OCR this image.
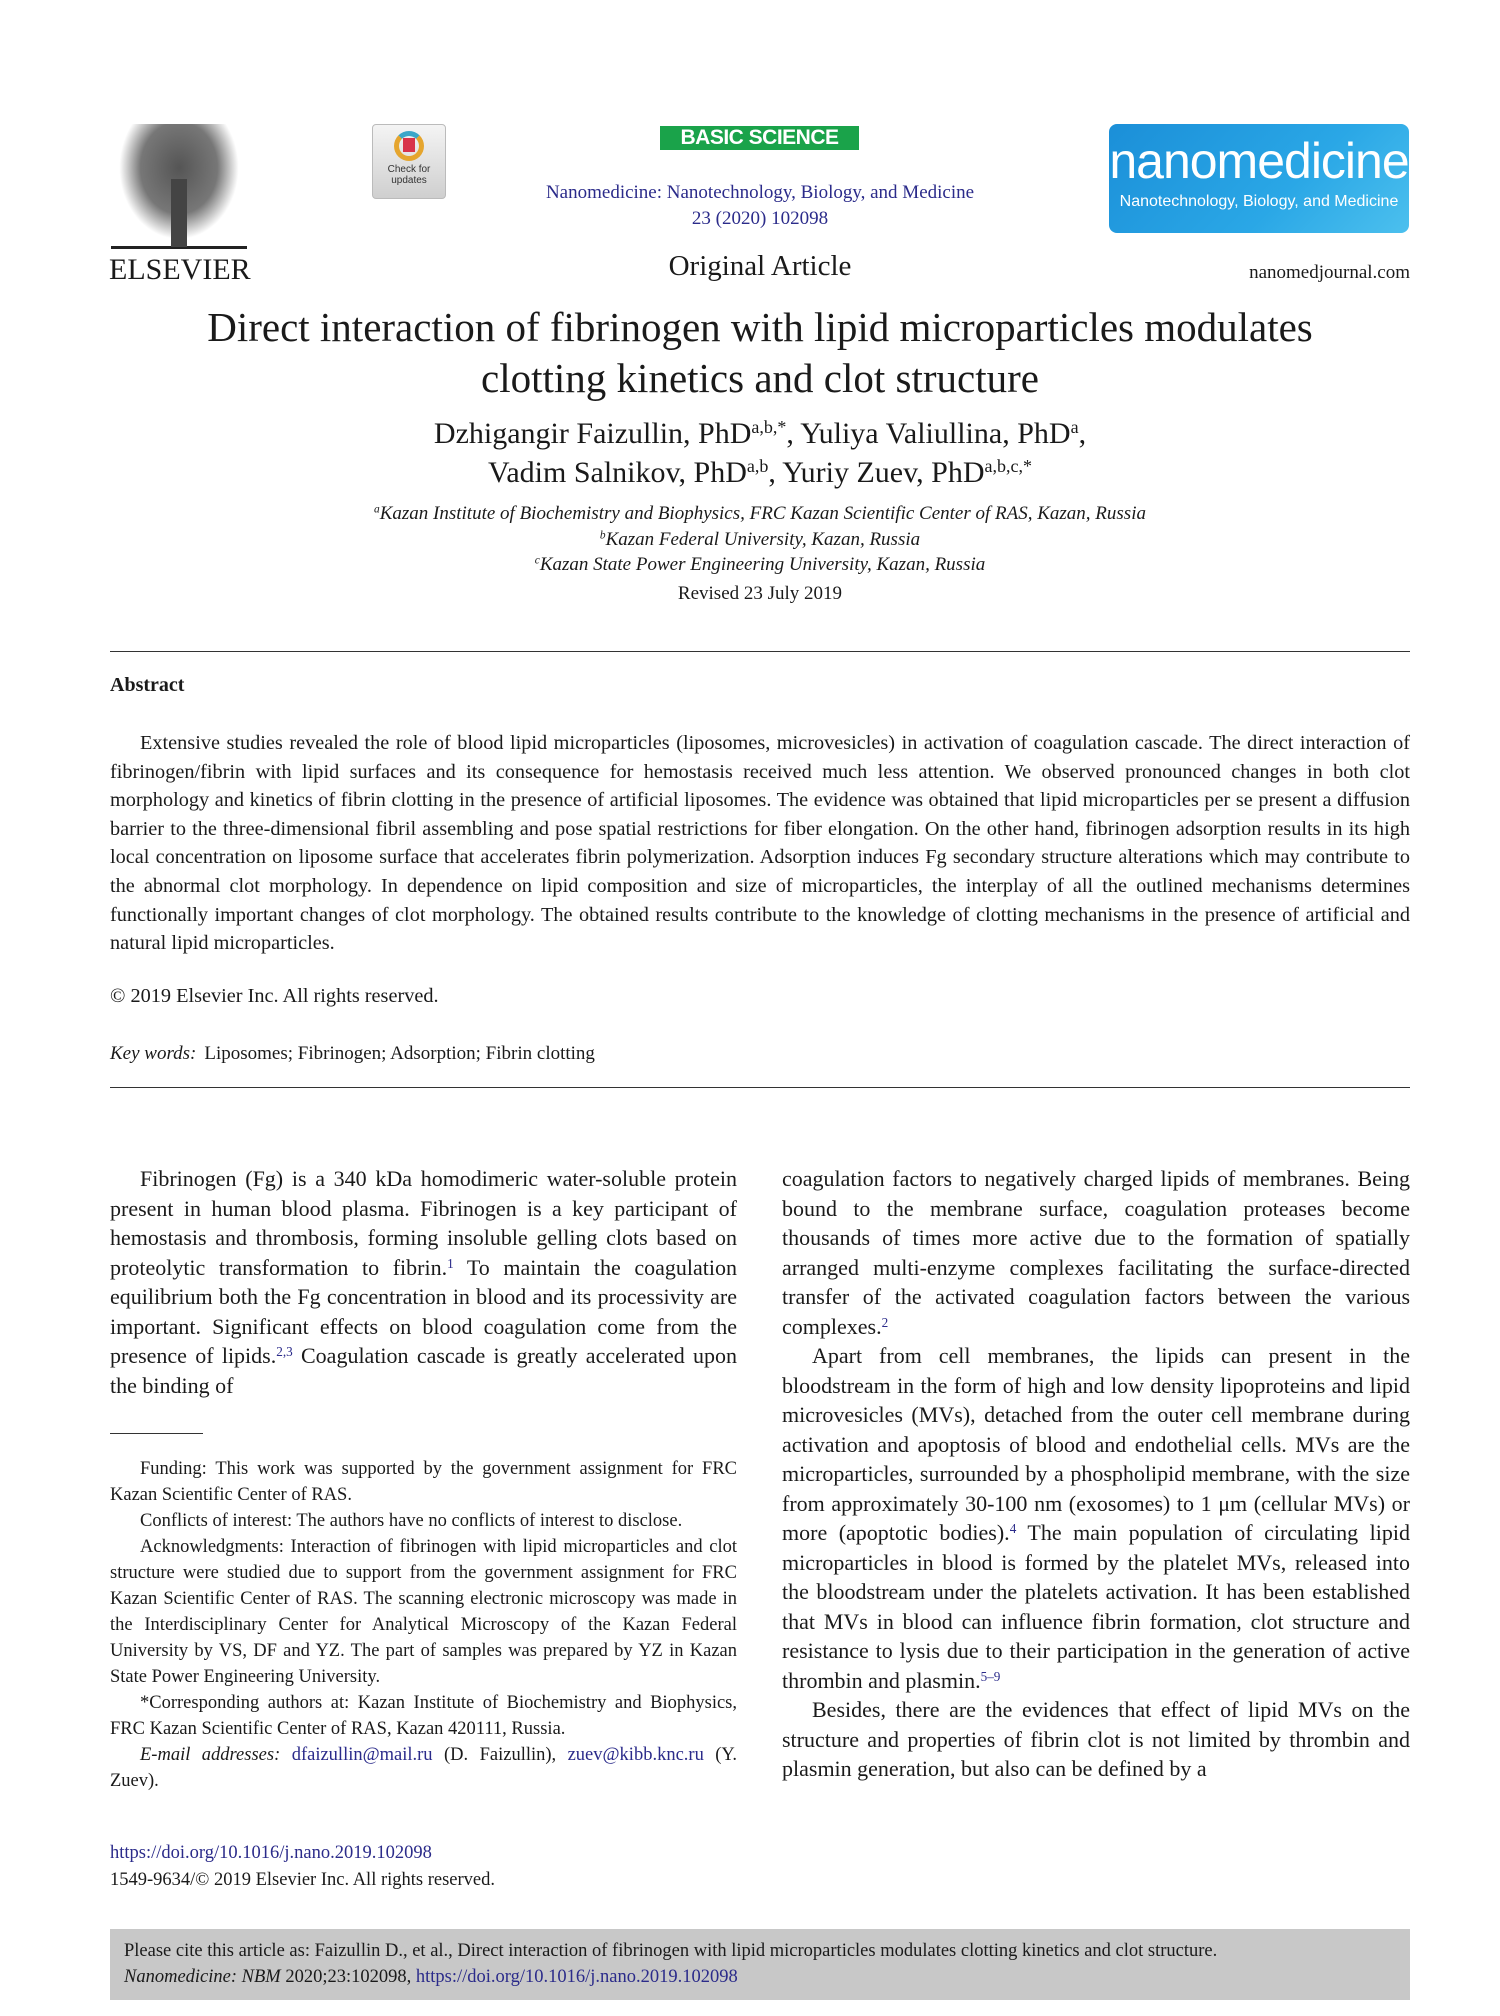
ELSEVIER
Check for
updates
BASIC SCIENCE
Nanomedicine: Nanotechnology, Biology, and Medicine
23 (2020) 102098
nanomedicine
Nanotechnology, Biology, and Medicine
Original Article	nanomedjournal.com
Direct interaction of fibrinogen with lipid microparticles modulates
clotting kinetics and clot structure
Dzhigangir Faizullin, PhD$^{a,b,*}$, Yuliya Valiullina, PhD$^a$,
Vadim Salnikov, PhD$^{a,b}$, Yuriy Zuev, PhD$^{a,b,c,*}$
$^a$Kazan Institute of Biochemistry and Biophysics, FRC Kazan Scientific Center of RAS, Kazan, Russia
$^b$Kazan Federal University, Kazan, Russia
$^c$Kazan State Power Engineering University, Kazan, Russia
Revised 23 July 2019
Abstract
Extensive studies revealed the role of blood lipid microparticles (liposomes, microvesicles) in activation of coagulation cascade. The direct interaction of fibrinogen/fibrin with lipid surfaces and its consequence for hemostasis received much less attention. We observed pronounced changes in both clot morphology and kinetics of fibrin clotting in the presence of artificial liposomes. The evidence was obtained that lipid microparticles per se present a diffusion barrier to the three-dimensional fibril assembling and pose spatial restrictions for fiber elongation. On the other hand, fibrinogen adsorption results in its high local concentration on liposome surface that accelerates fibrin polymerization. Adsorption induces Fg secondary structure alterations which may contribute to the abnormal clot morphology. In dependence on lipid composition and size of microparticles, the interplay of all the outlined mechanisms determines functionally important changes of clot morphology. The obtained results contribute to the knowledge of clotting mechanisms in the presence of artificial and natural lipid microparticles.
© 2019 Elsevier Inc. All rights reserved.
Key words: Liposomes; Fibrinogen; Adsorption; Fibrin clotting

Fibrinogen (Fg) is a 340 kDa homodimeric water-soluble protein present in human blood plasma. Fibrinogen is a key participant of hemostasis and thrombosis, forming insoluble gelling clots based on proteolytic transformation to fibrin.$^1$ To maintain the coagulation equilibrium both the Fg concentration in blood and its processivity are important. Significant effects on blood coagulation come from the presence of lipids.$^{2,3}$ Coagulation cascade is greatly accelerated upon the binding of

coagulation factors to negatively charged lipids of membranes. Being bound to the membrane surface, coagulation proteases become thousands of times more active due to the formation of spatially arranged multi-enzyme complexes facilitating the surface-directed transfer of the activated coagulation factors between the various complexes.$^2$

Apart from cell membranes, the lipids can present in the bloodstream in the form of high and low density lipoproteins and lipid microvesicles (MVs), detached from the outer cell membrane during activation and apoptosis of blood and endothelial cells. MVs are the microparticles, surrounded by a phospholipid membrane, with the size from approximately 30-100 nm (exosomes) to 1 μm (cellular MVs) or more (apoptotic bodies).$^4$ The main population of circulating lipid microparticles in blood is formed by the platelet MVs, released into the bloodstream under the platelets activation. It has been established that MVs in blood can influence fibrin formation, clot structure and resistance to lysis due to their participation in the generation of active thrombin and plasmin.$^{5-9}$

Besides, there are the evidences that effect of lipid MVs on the structure and properties of fibrin clot is not limited by thrombin and plasmin generation, but also can be defined by a

Funding: This work was supported by the government assignment for FRC Kazan Scientific Center of RAS.

Conflicts of interest: The authors have no conflicts of interest to disclose.

Acknowledgments: Interaction of fibrinogen with lipid microparticles and clot structure were studied due to support from the government assignment for FRC Kazan Scientific Center of RAS. The scanning electronic microscopy was made in the Interdisciplinary Center for Analytical Microscopy of the Kazan Federal University by VS, DF and YZ. The part of samples was prepared by YZ in Kazan State Power Engineering University.

*Corresponding authors at: Kazan Institute of Biochemistry and Biophysics, FRC Kazan Scientific Center of RAS, Kazan 420111, Russia.

E-mail addresses: dfaizullin@mail.ru (D. Faizullin), zuev@kibb.knc.ru (Y. Zuev).

https://doi.org/10.1016/j.nano.2019.102098
1549-9634/© 2019 Elsevier Inc. All rights reserved.
Please cite this article as: Faizullin D., et al., Direct interaction of fibrinogen with lipid microparticles modulates clotting kinetics and clot structure.
Nanomedicine: NBM 2020;23:102098, https://doi.org/10.1016/j.nano.2019.102098
